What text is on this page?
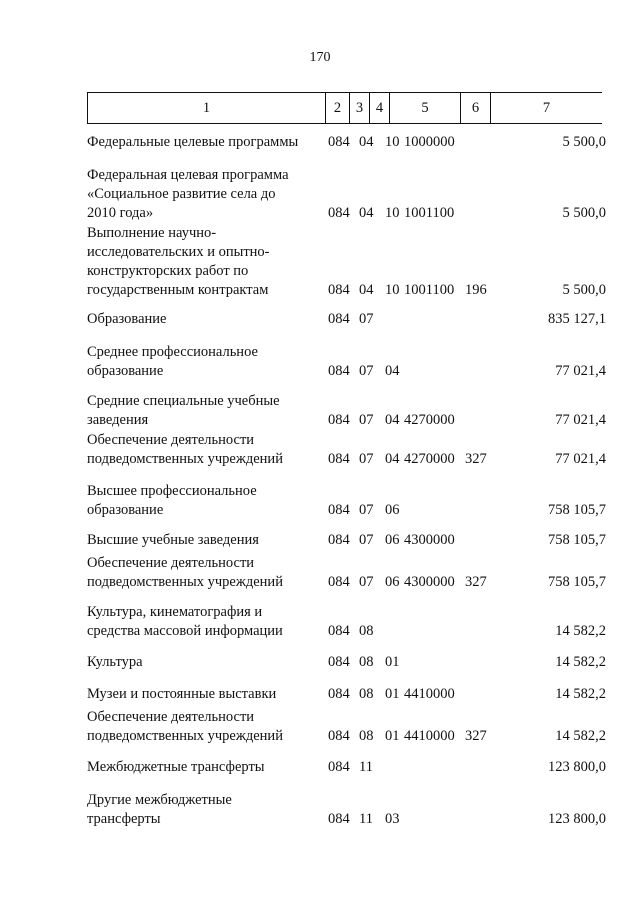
170
1	2	3 4	5	6	7
Федеральные целевые программы	084 04 10 1000000	5 500,0
Федеральная целевая программа
«Социальное развитие села до
2010 года»	084 04 10 1001100	5 500,0
Выполнение научно-
исследовательских и опытно-
конструкторских работ по
государственным контрактам	084 04 10 1001100 196	5 500,0
Образование	084 07	835 127,1
Среднее профессиональное
образование	084 07 04	77 021,4
Средние специальные учебные
заведения	084 07 04 4270000	77 021,4
Обеспечение деятельности
подведомственных учреждений	084 07 04 4270000 327	77 021,4
Высшее профессиональное
образование	084 07 06	758 105,7
Высшие учебные заведения	084 07 06 4300000	758 105,7
Обеспечение деятельности
подведомственных учреждений	084 07 06 4300000 327	758 105,7
Культура, кинематография и
средства массовой информации	084 08	14 582,2
Культура	084 08 01	14 582,2
Музеи и постоянные выставки	084 08 01 4410000	14 582,2
Обеспечение деятельности
подведомственных учреждений	084 08 01 4410000 327	14 582,2
Межбюджетные трансферты	084 11	123 800,0
Другие межбюджетные
трансферты	084 11 03	123 800,0
